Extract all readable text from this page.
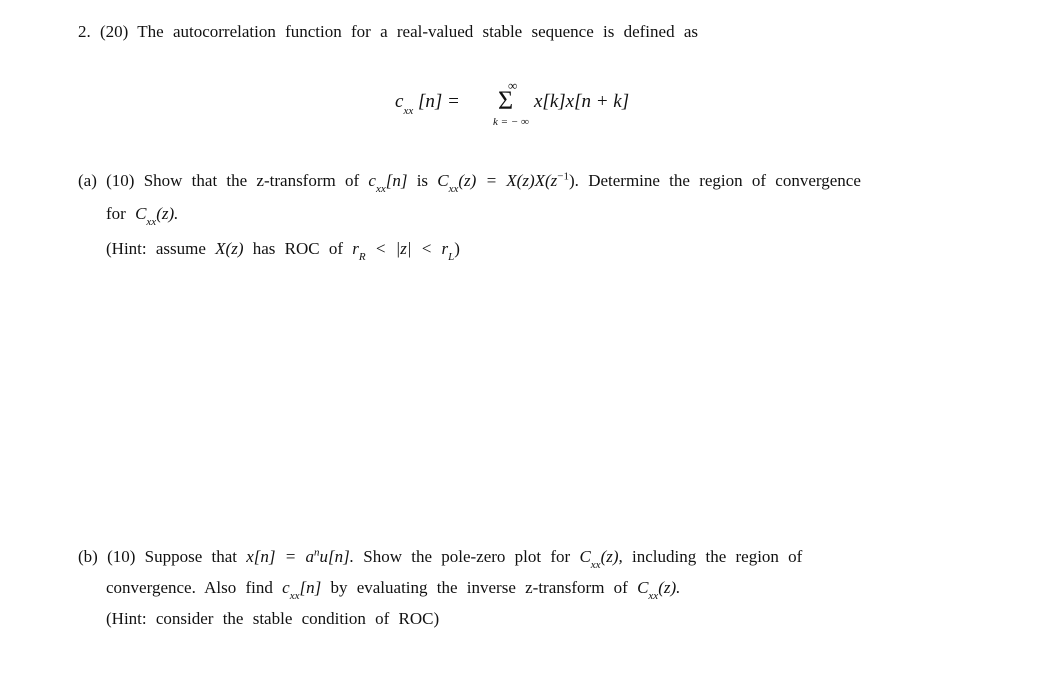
2. (20) The autocorrelation function for a real-valued stable sequence is defined as
$c_{xx}$ [n] =
∞
Σ
k = − ∞
x[k]x[n + k]
(a) (10) Show that the z-transform of $c_{xx}[n]$ is $C_{xx}(z) = X(z)X(z^{-1})$. Determine the region of convergence
for $C_{xx}(z)$.
(Hint: assume X(z) has ROC of $r_R < |z| < r_L$)
(b) (10) Suppose that $x[n] = a^nu[n]$. Show the pole-zero plot for $C_{xx}(z)$, including the region of
convergence. Also find $c_{xx}[n]$ by evaluating the inverse z-transform of $C_{xx}(z)$.
(Hint: consider the stable condition of ROC)
